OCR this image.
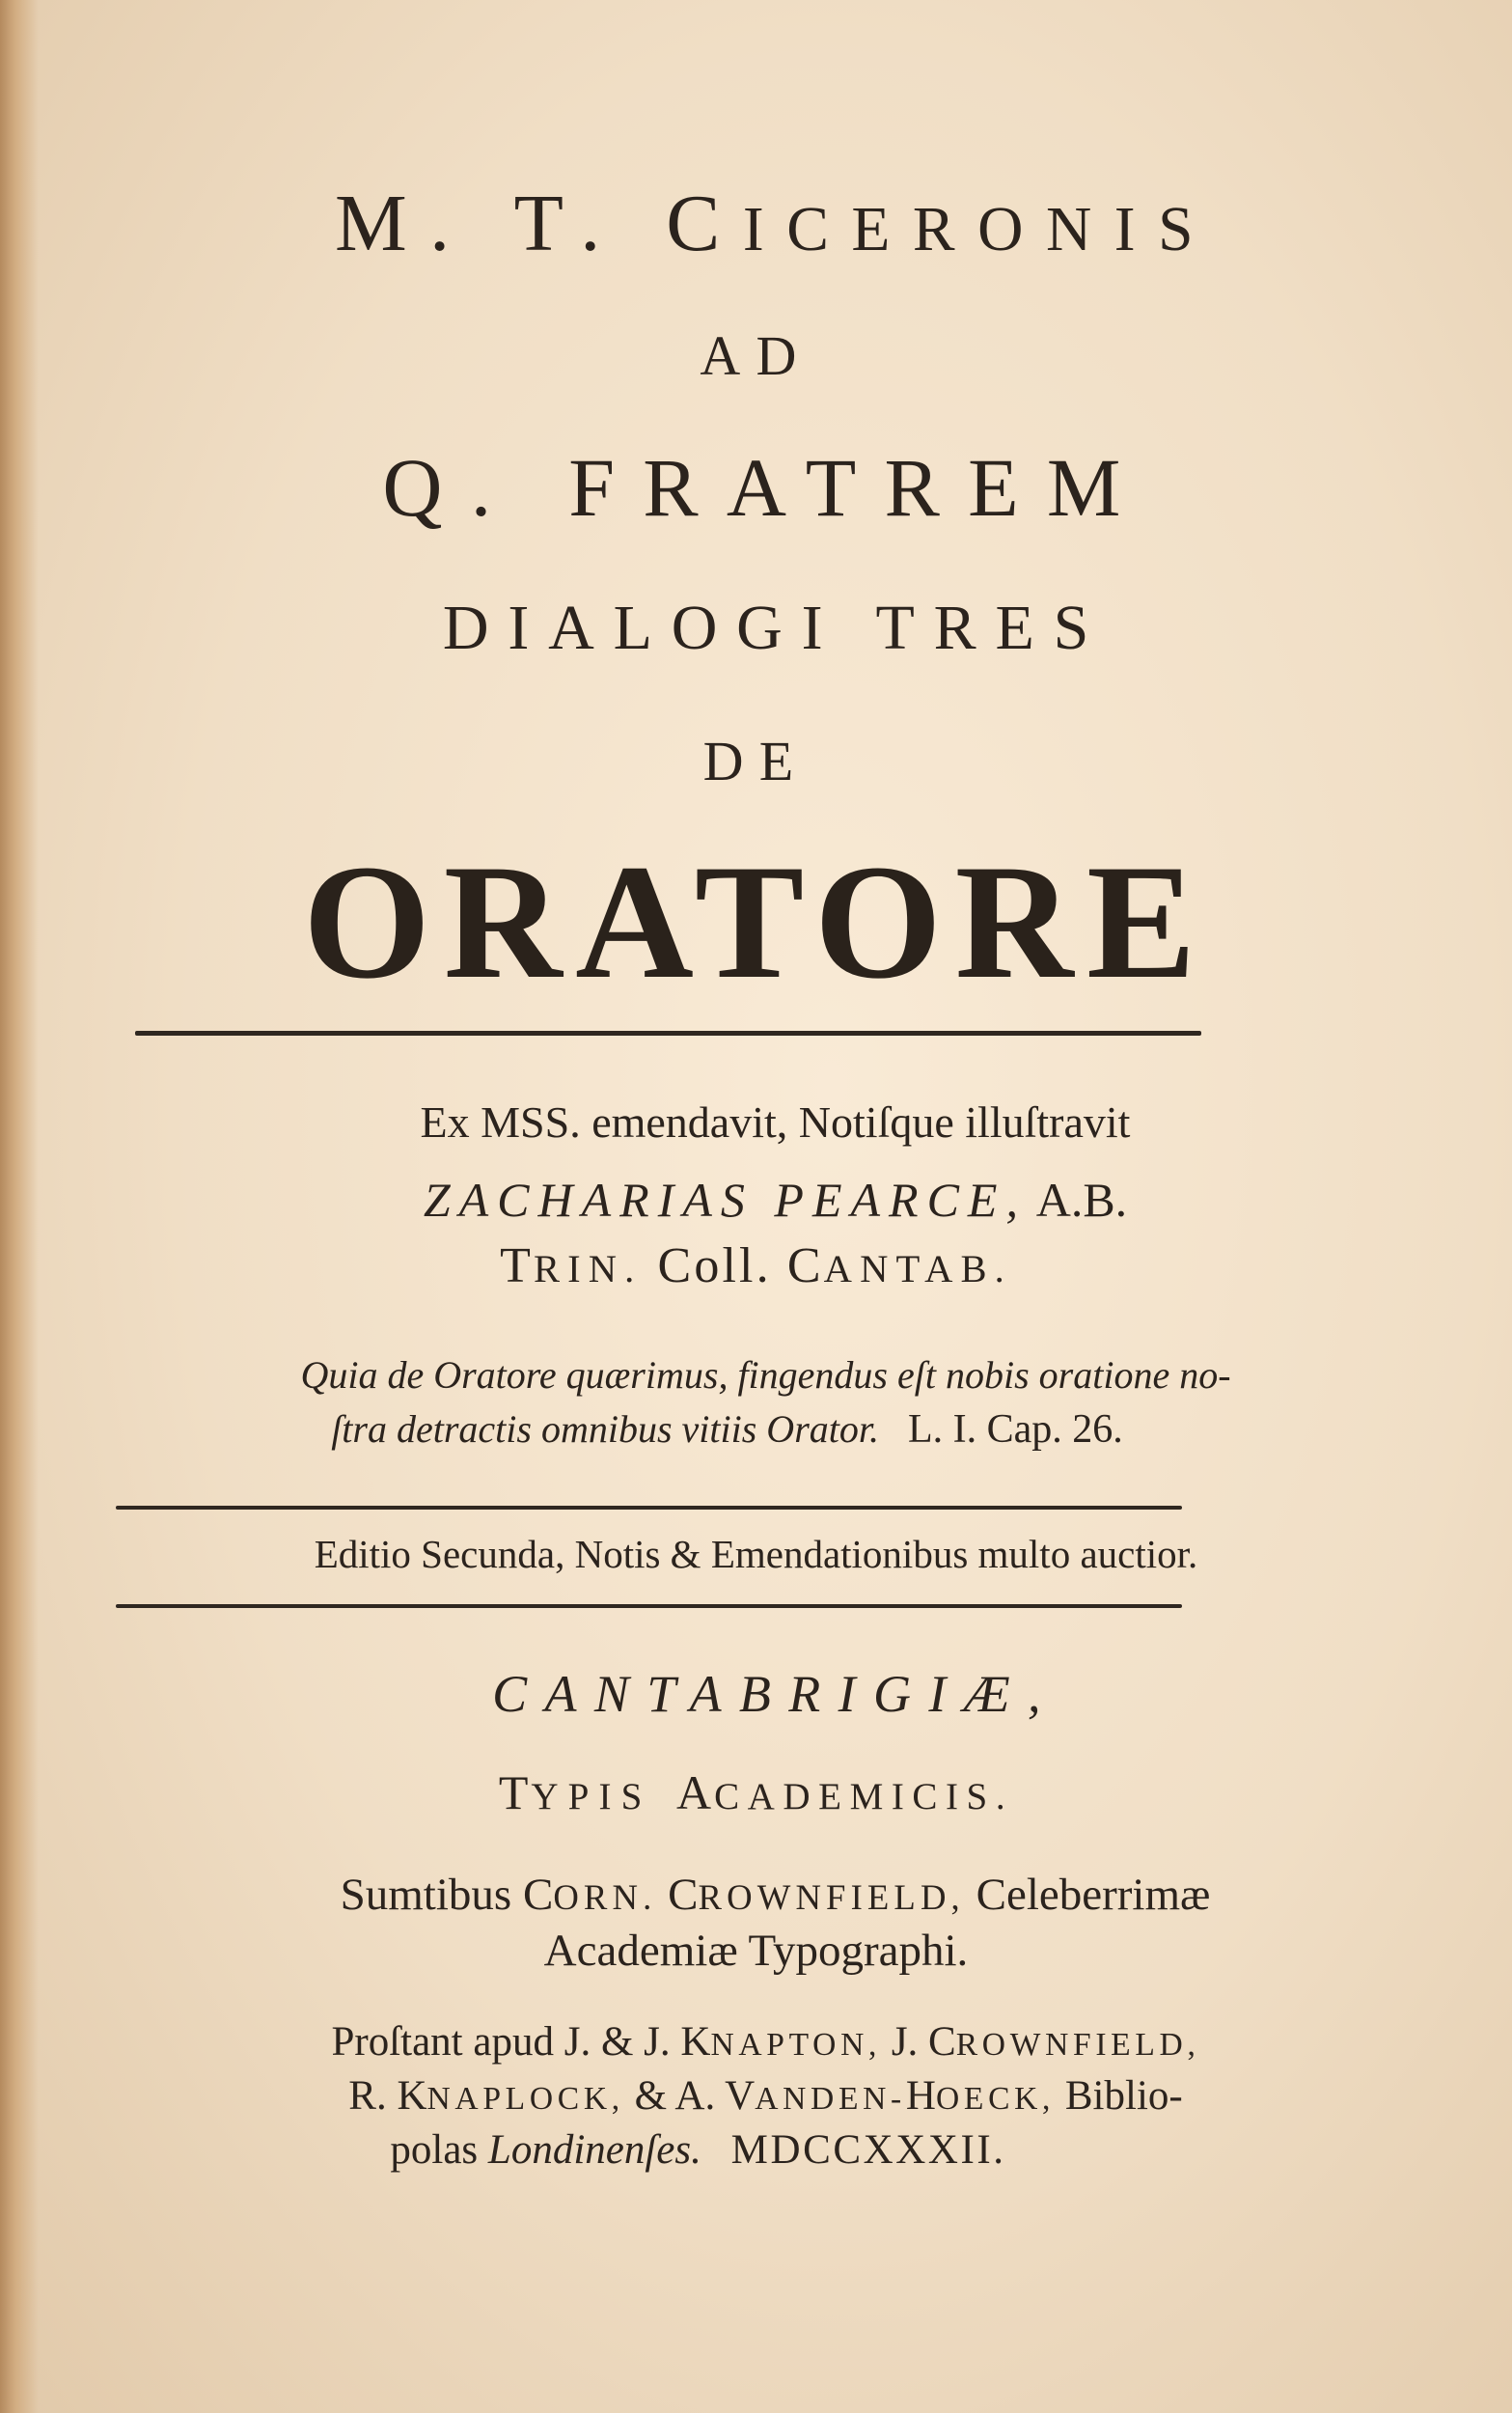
M. T. CICERONIS
AD
Q. FRATREM
DIALOGI TRES
DE
ORATORE
Ex MSS. emendavit, Notiſque illuſtravit
ZACHARIAS PEARCE, A.B.
TRIN. Coll. CANTAB.
Quia de Oratore quærimus, fingendus eſt nobis oratione no-
ſtra detractis omnibus vitiis Orator. L. I. Cap. 26.
Editio Secunda, Notis & Emendationibus multo auctior.
CANTABRIGIÆ,
TYPIS ACADEMICIS.
Sumtibus CORN. CROWNFIELD, Celeberrimæ
Academiæ Typographi.
Proſtant apud J. & J. KNAPTON, J. CROWNFIELD,
R. KNAPLOCK, & A. VANDEN-HOECK, Biblio-
polas Londinenſes. MDCCXXXII.
